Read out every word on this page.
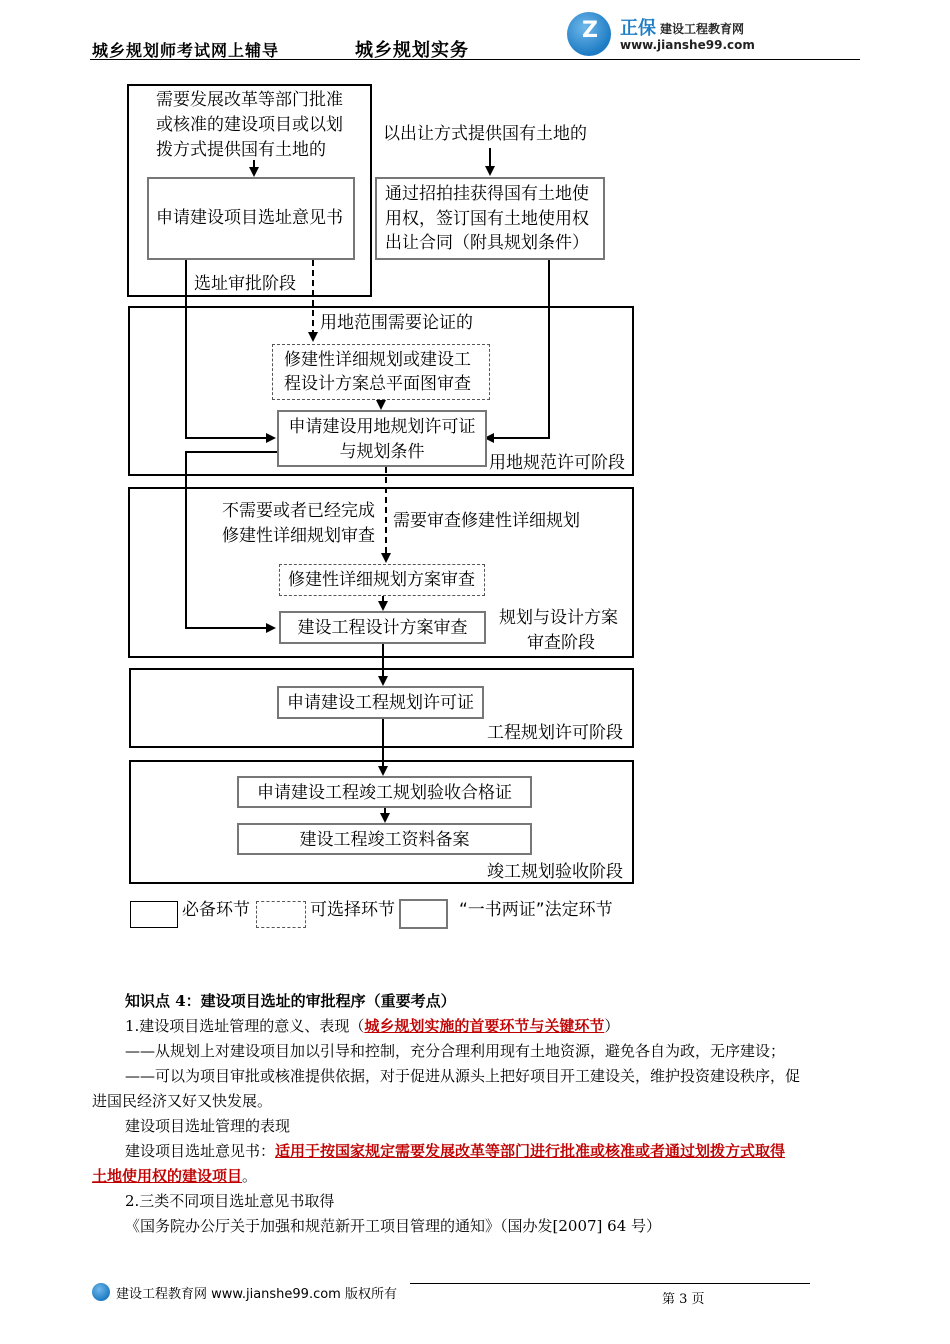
城乡规划师考试网上辅导	城乡规划实务
Z 正保 建设工程教育网
www.jianshe99.com
需要发展改革等部门批准
或核准的建设项目或以划
拨方式提供国有土地的
申请建设项目选址意见书
选址审批阶段
以出让方式提供国有土地的
通过招拍挂获得国有土地使
用权，签订国有土地使用权
出让合同（附具规划条件）
用地范围需要论证的
修建性详细规划或建设工
程设计方案总平面图审查
申请建设用地规划许可证
与规划条件
用地规范许可阶段
不需要或者已经完成
修建性详细规划审查
需要审查修建性详细规划
修建性详细规划方案审查
建设工程设计方案审查	规划与设计方案
审查阶段
申请建设工程规划许可证
工程规划许可阶段
申请建设工程竣工规划验收合格证
建设工程竣工资料备案
竣工规划验收阶段
必备环节	可选择环节	“一书两证”法定环节
知识点 4：建设项目选址的审批程序（重要考点）
1.建设项目选址管理的意义、表现（城乡规划实施的首要环节与关键环节）
——从规划上对建设项目加以引导和控制，充分合理利用现有土地资源，避免各自为政，无序建设；
——可以为项目审批或核准提供依据，对于促进从源头上把好项目开工建设关，维护投资建设秩序，促
进国民经济又好又快发展。
建设项目选址管理的表现
建设项目选址意见书：适用于按国家规定需要发展改革等部门进行批准或核准或者通过划拨方式取得
土地使用权的建设项目。
2.三类不同项目选址意见书取得
《国务院办公厅关于加强和规范新开工项目管理的通知》（国办发[2007] 64 号）
建设工程教育网 www.jianshe99.com 版权所有	第 3 页
